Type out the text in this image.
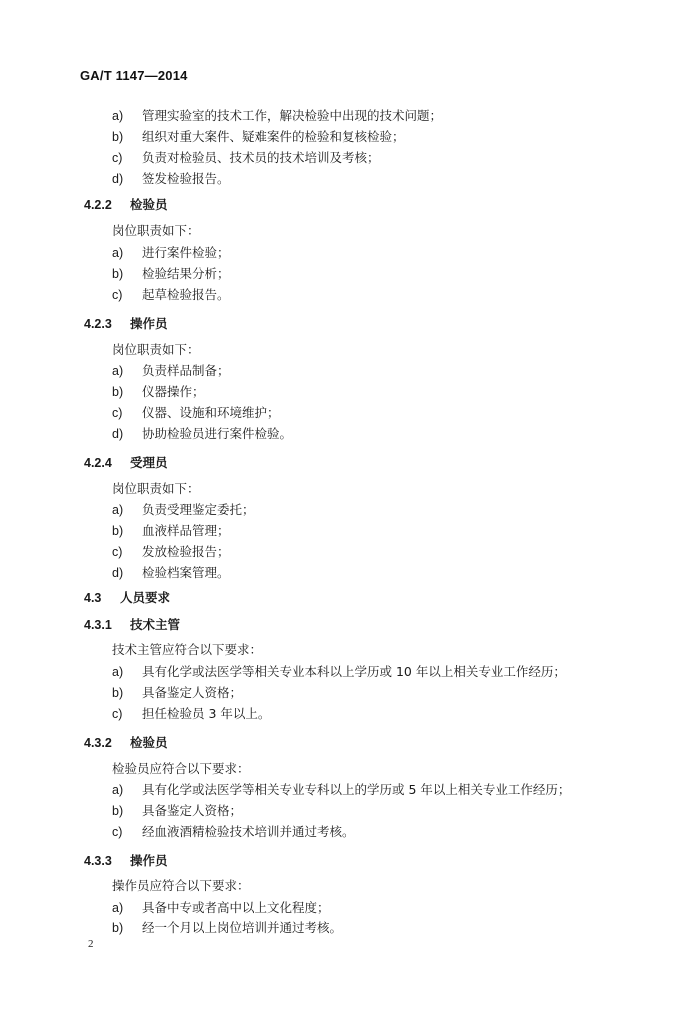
GA/T 1147—2014
a) 管理实验室的技术工作，解决检验中出现的技术问题；
b) 组织对重大案件、疑难案件的检验和复核检验；
c) 负责对检验员、技术员的技术培训及考核；
d) 签发检验报告。
4.2.2 检验员
岗位职责如下：
a) 进行案件检验；
b) 检验结果分析；
c) 起草检验报告。
4.2.3 操作员
岗位职责如下：
a) 负责样品制备；
b) 仪器操作；
c) 仪器、设施和环境维护；
d) 协助检验员进行案件检验。
4.2.4 受理员
岗位职责如下：
a) 负责受理鉴定委托；
b) 血液样品管理；
c) 发放检验报告；
d) 检验档案管理。
4.3 人员要求
4.3.1 技术主管
技术主管应符合以下要求：
a) 具有化学或法医学等相关专业本科以上学历或 10 年以上相关专业工作经历；
b) 具备鉴定人资格；
c) 担任检验员 3 年以上。
4.3.2 检验员
检验员应符合以下要求：
a) 具有化学或法医学等相关专业专科以上的学历或 5 年以上相关专业工作经历；
b) 具备鉴定人资格；
c) 经血液酒精检验技术培训并通过考核。
4.3.3 操作员
操作员应符合以下要求：
a) 具备中专或者高中以上文化程度；
b) 经一个月以上岗位培训并通过考核。
2
